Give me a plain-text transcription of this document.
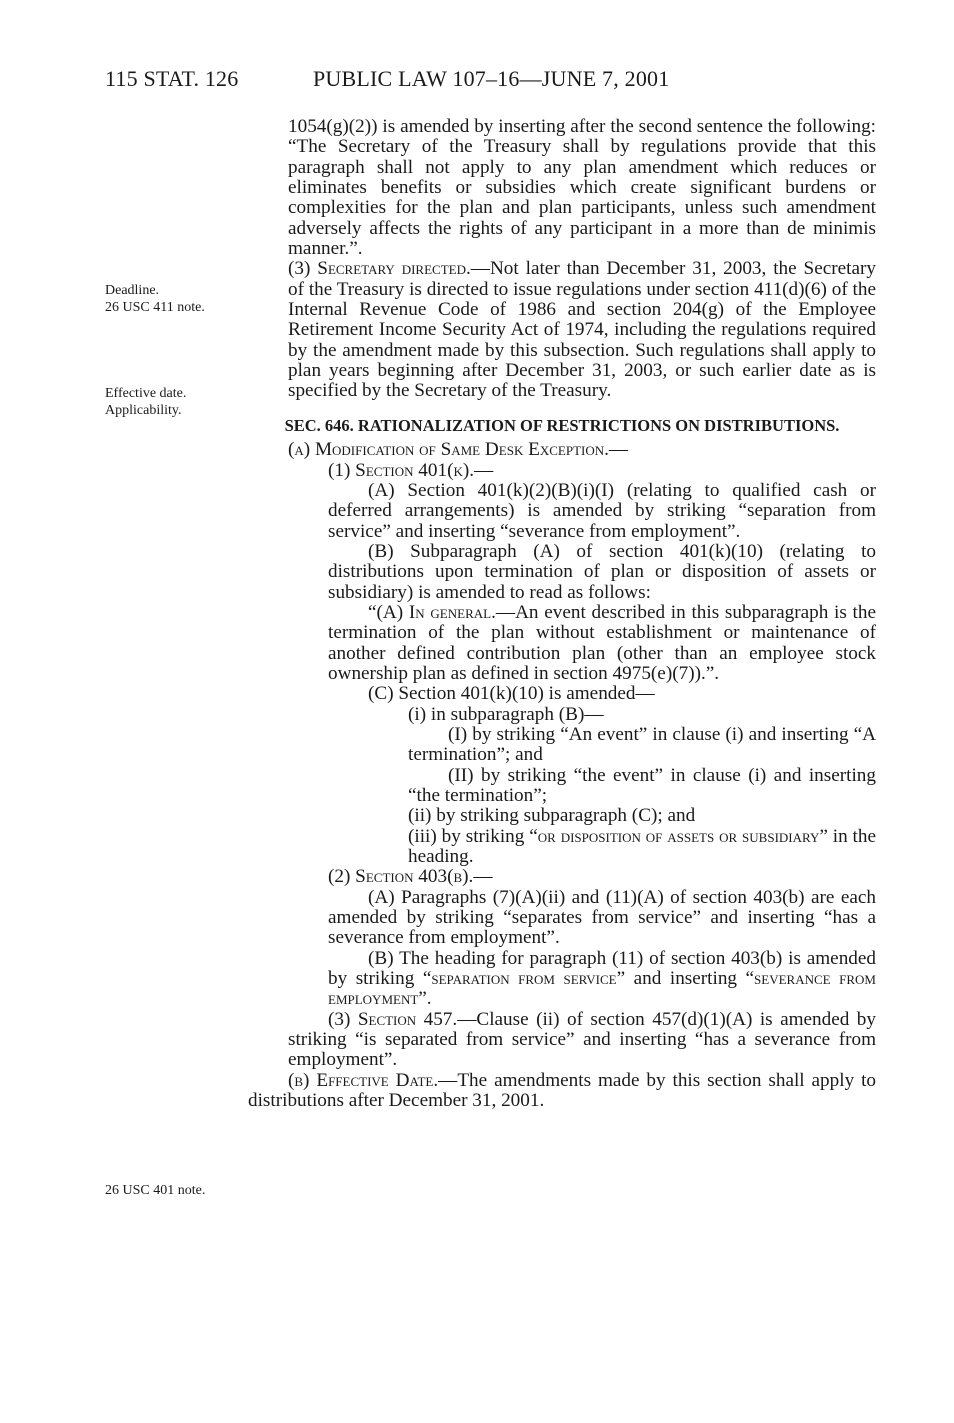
115 STAT. 126	PUBLIC LAW 107–16—JUNE 7, 2001
Deadline.
26 USC 411 note.
Effective date.
Applicability.
26 USC 401 note.

1054(g)(2)) is amended by inserting after the second sentence the following: “The Secretary of the Treasury shall by regulations provide that this paragraph shall not apply to any plan amendment which reduces or eliminates benefits or subsidies which create significant burdens or complexities for the plan and plan participants, unless such amendment adversely affects the rights of any participant in a more than de minimis manner.”.

(3) Secretary directed.—Not later than December 31, 2003, the Secretary of the Treasury is directed to issue regulations under section 411(d)(6) of the Internal Revenue Code of 1986 and section 204(g) of the Employee Retirement Income Security Act of 1974, including the regulations required by the amendment made by this subsection. Such regulations shall apply to plan years beginning after December 31, 2003, or such earlier date as is specified by the Secretary of the Treasury.

SEC. 646. RATIONALIZATION OF RESTRICTIONS ON DISTRIBUTIONS.

(a) Modification of Same Desk Exception.—

(1) Section 401(k).—

(A) Section 401(k)(2)(B)(i)(I) (relating to qualified cash or deferred arrangements) is amended by striking “separation from service” and inserting “severance from employment”.

(B) Subparagraph (A) of section 401(k)(10) (relating to distributions upon termination of plan or disposition of assets or subsidiary) is amended to read as follows:

“(A) In general.—An event described in this subparagraph is the termination of the plan without establishment or maintenance of another defined contribution plan (other than an employee stock ownership plan as defined in section 4975(e)(7)).”.

(C) Section 401(k)(10) is amended—

(i) in subparagraph (B)—

(I) by striking “An event” in clause (i) and inserting “A termination”; and

(II) by striking “the event” in clause (i) and inserting “the termination”;

(ii) by striking subparagraph (C); and

(iii) by striking “or disposition of assets or subsidiary” in the heading.

(2) Section 403(b).—

(A) Paragraphs (7)(A)(ii) and (11)(A) of section 403(b) are each amended by striking “separates from service” and inserting “has a severance from employment”.

(B) The heading for paragraph (11) of section 403(b) is amended by striking “separation from service” and inserting “severance from employment”.

(3) Section 457.—Clause (ii) of section 457(d)(1)(A) is amended by striking “is separated from service” and inserting “has a severance from employment”.

(b) Effective Date.—The amendments made by this section shall apply to distributions after December 31, 2001.
